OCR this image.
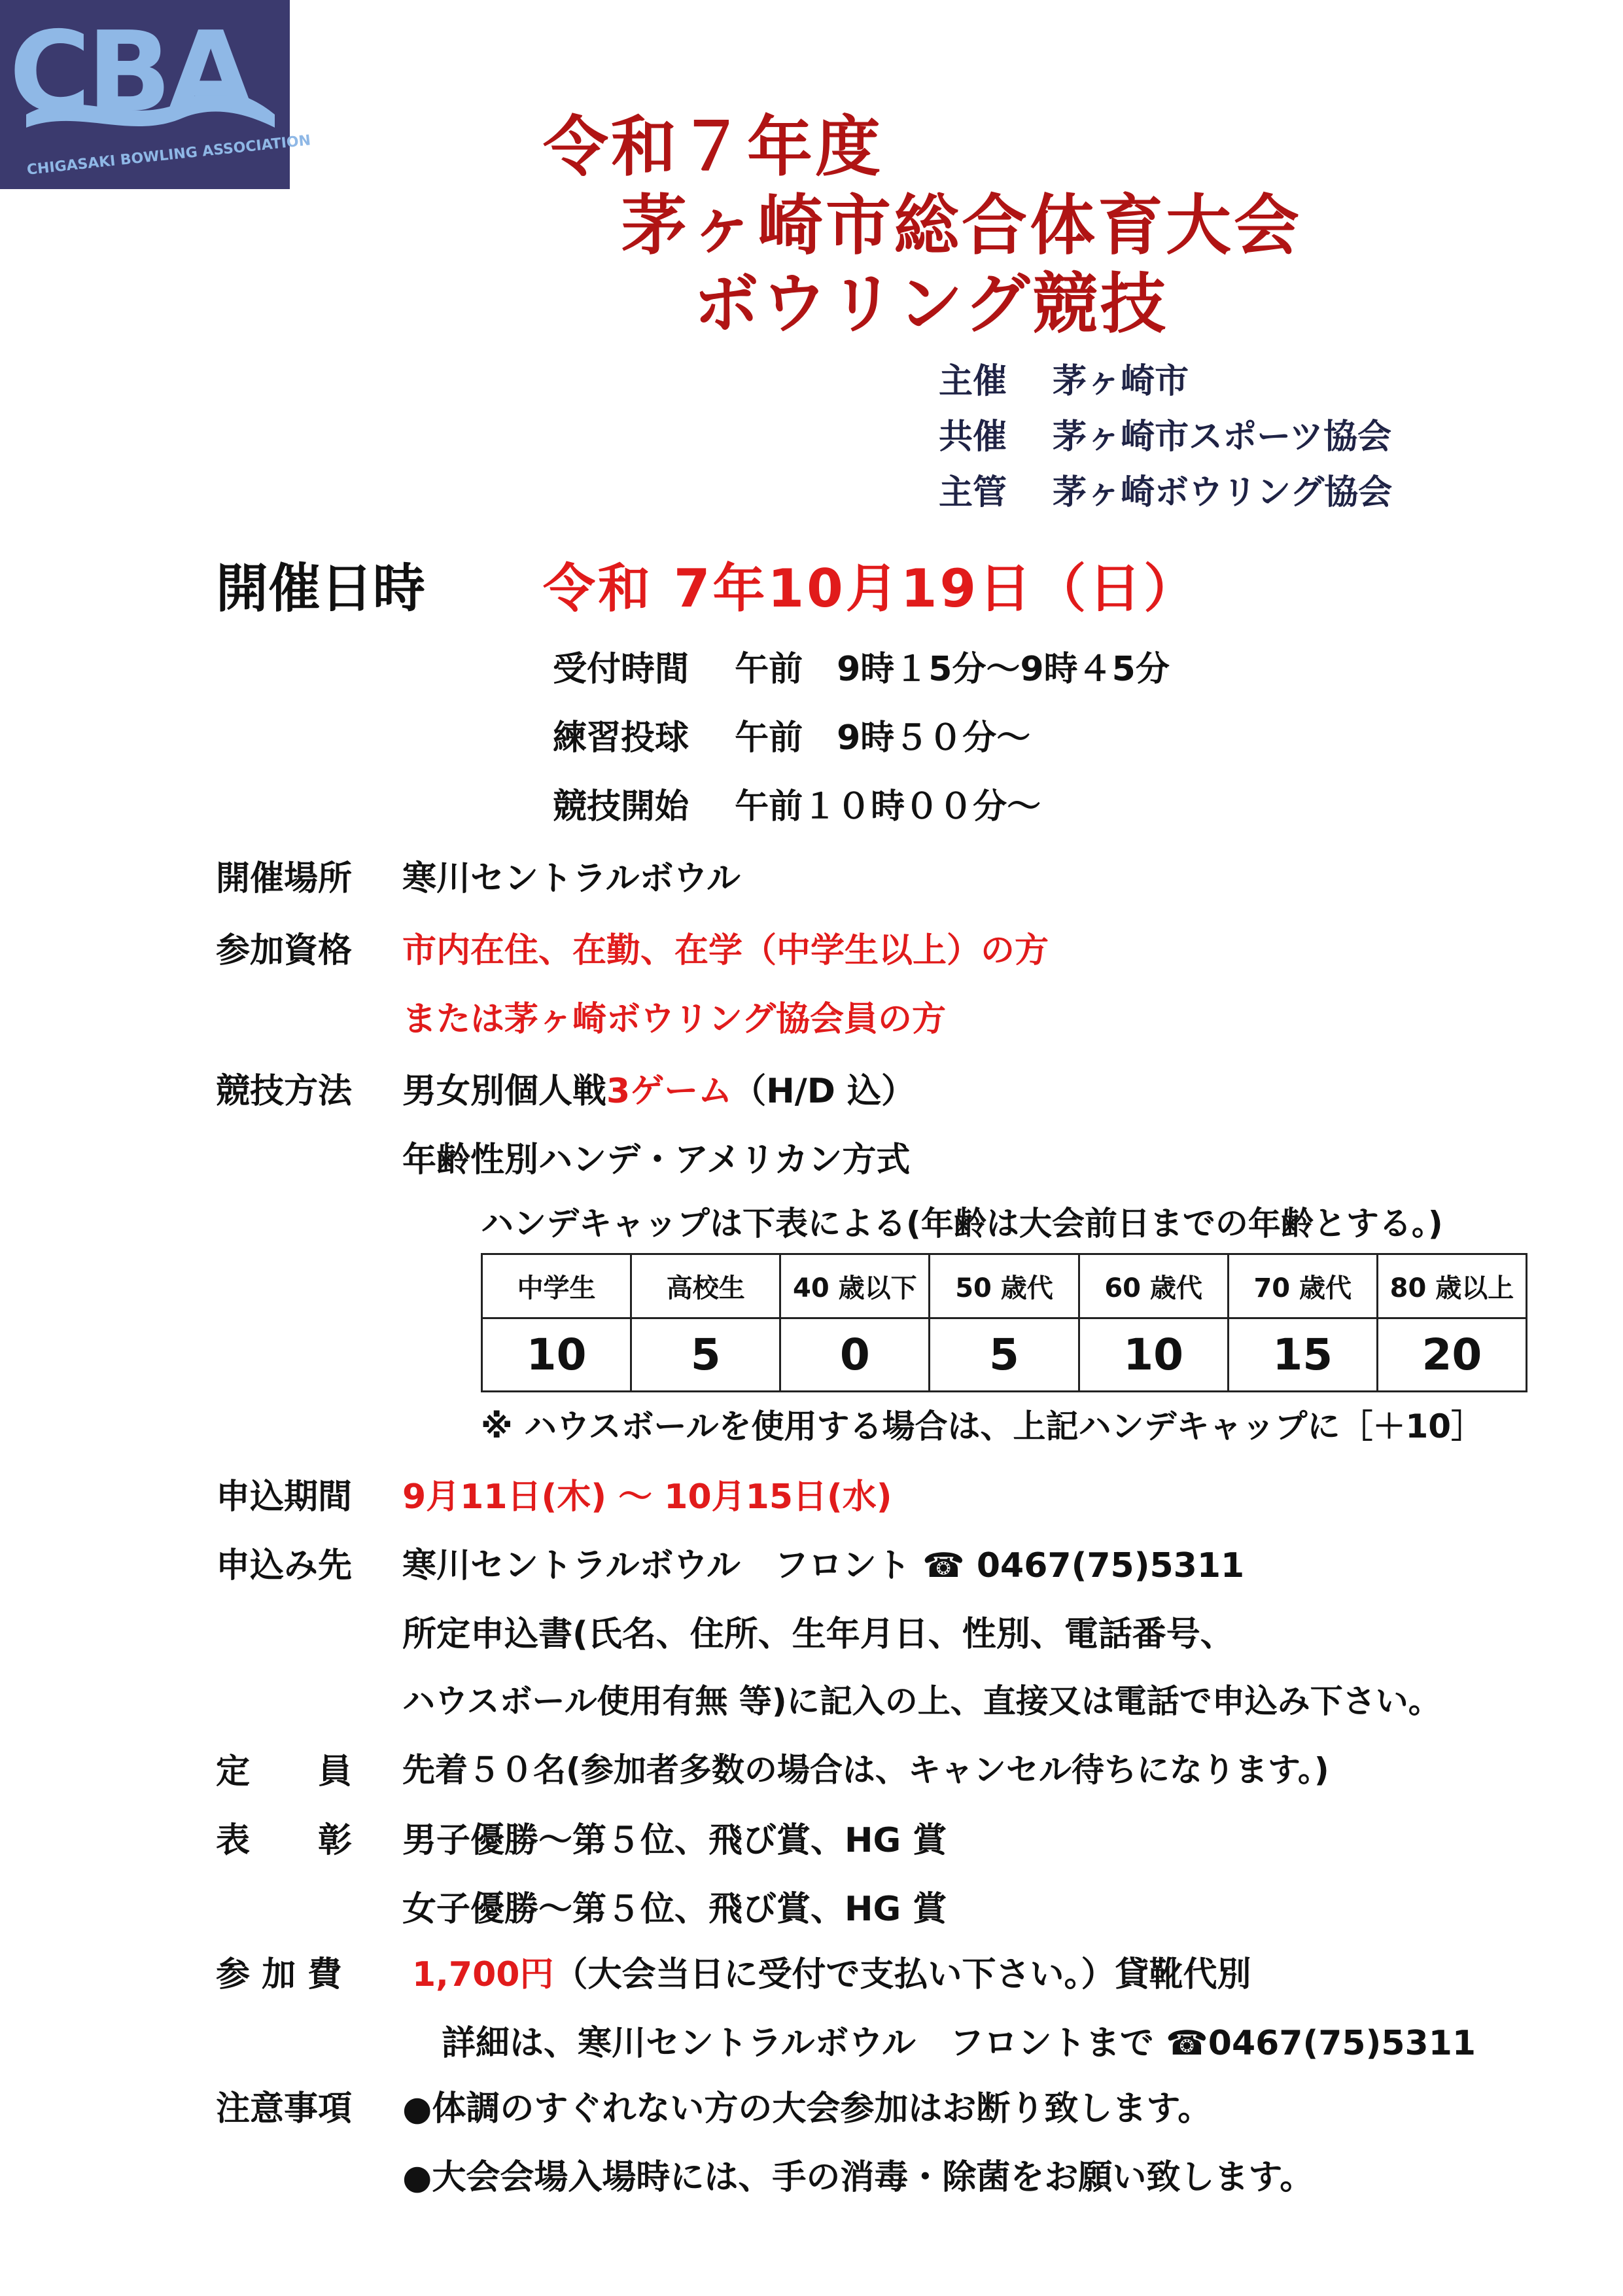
CBA
CHIGASAKI BOWLING ASSOCIATION	令和７年度
茅ヶ崎市総合体育大会
ボウリング競技
主催　 茅ヶ崎市
共催　 茅ヶ崎市スポーツ協会
主管　 茅ヶ崎ボウリング協会
開催日時 令和 7年10月19日（日）
受付時間　 午前　9時１5分～9時４5分
練習投球　 午前　9時５０分～
競技開始　 午前１０時００分～
開催場所 寒川セントラルボウル
参加資格 市内在住、在勤、在学（中学生以上）の方
または茅ヶ崎ボウリング協会員の方
競技方法 男女別個人戦3ゲーム（H/D 込）
年齢性別ハンデ・アメリカン方式
ハンデキャップは下表による(年齢は大会前日までの年齢とする。)
中学生	高校生	40 歳以下	50 歳代	60 歳代	70 歳代	80 歳以上
10	5	0	5	10	15	20
※ ハウスボールを使用する場合は、上記ハンデキャップに［＋10］
申込期間 9月11日(木) ～ 10月15日(水)
申込み先 寒川セントラルボウル　フロント ☎ 0467(75)5311
所定申込書(氏名、住所、生年月日、性別、電話番号、
ハウスボール使用有無 等)に記入の上、直接又は電話で申込み下さい。
定　　員 先着５０名(参加者多数の場合は、キャンセル待ちになります。)
表　　彰 男子優勝～第５位、飛び賞、HG 賞
女子優勝～第５位、飛び賞、HG 賞
参 加 費 1,700円（大会当日に受付で支払い下さい。）貸靴代別
詳細は、寒川セントラルボウル　フロントまで ☎0467(75)5311
注意事項 ●体調のすぐれない方の大会参加はお断り致します。
●大会会場入場時には、手の消毒・除菌をお願い致します。
